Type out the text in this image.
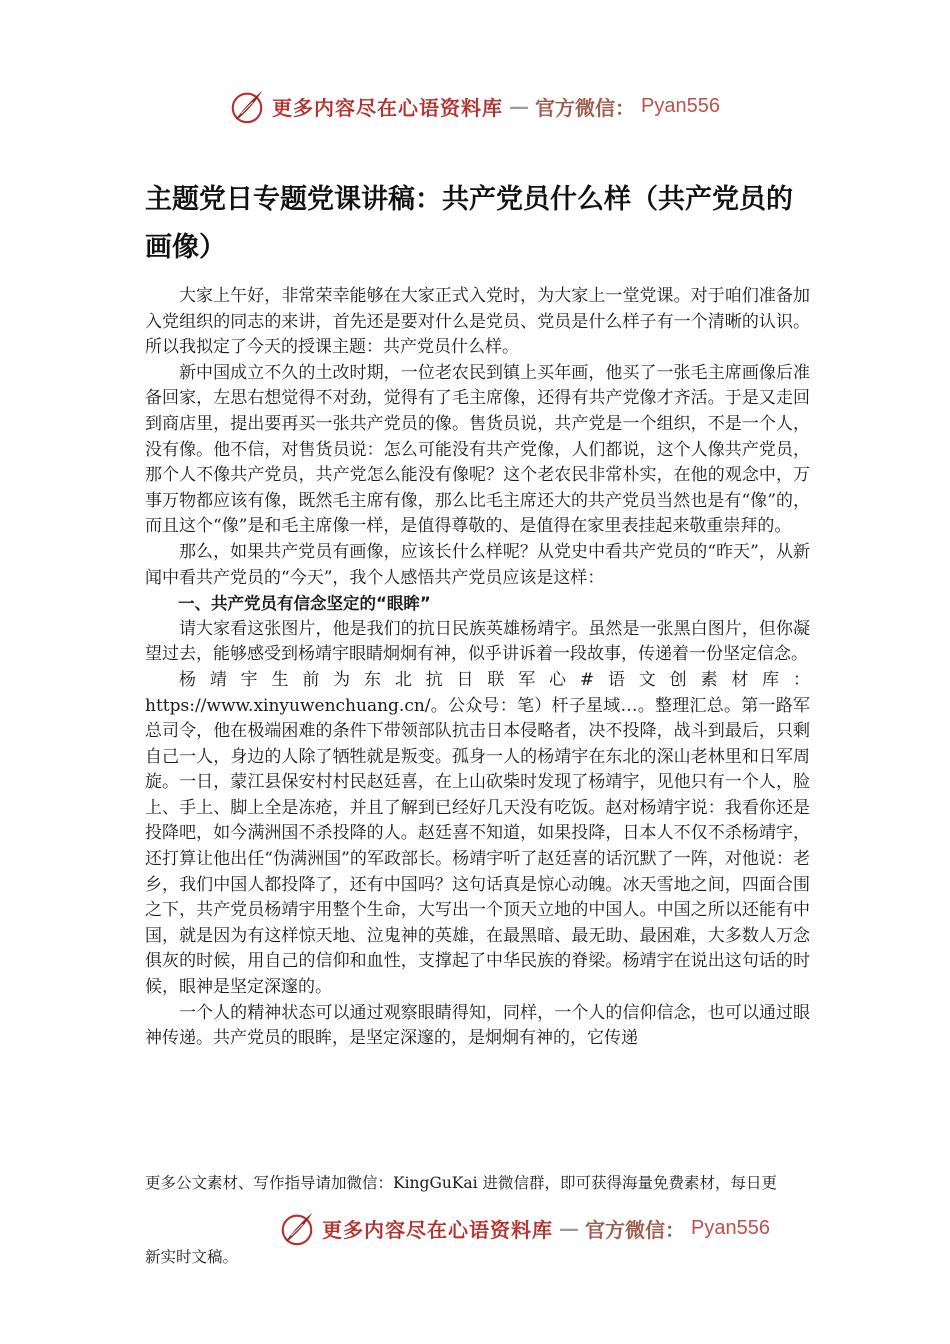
更多内容尽在心语资料库 — 官方微信： Pyan556
主题党日专题党课讲稿：共产党员什么样（共产党员的画像）

大家上午好，非常荣幸能够在大家正式入党时，为大家上一堂党课。对于咱们准备加入党组织的同志的来讲，首先还是要对什么是党员、党员是什么样子有一个清晰的认识。所以我拟定了今天的授课主题：共产党员什么样。

新中国成立不久的土改时期，一位老农民到镇上买年画，他买了一张毛主席画像后准备回家，左思右想觉得不对劲，觉得有了毛主席像，还得有共产党像才齐活。于是又走回到商店里，提出要再买一张共产党员的像。售货员说，共产党是一个组织，不是一个人，没有像。他不信，对售货员说：怎么可能没有共产党像，人们都说，这个人像共产党员，那个人不像共产党员，共产党怎么能没有像呢？这个老农民非常朴实，在他的观念中，万事万物都应该有像，既然毛主席有像，那么比毛主席还大的共产党员当然也是有“像”的，而且这个“像”是和毛主席像一样，是值得尊敬的、是值得在家里表挂起来敬重崇拜的。

那么，如果共产党员有画像，应该长什么样呢？从党史中看共产党员的“昨天”，从新闻中看共产党员的“今天”，我个人感悟共产党员应该是这样：

一、共产党员有信念坚定的“眼眸”

请大家看这张图片，他是我们的抗日民族英雄杨靖宇。虽然是一张黑白图片，但你凝望过去，能够感受到杨靖宇眼睛炯炯有神，似乎讲诉着一段故事，传递着一份坚定信念。

杨靖宇生前为东北抗日联军心#语文创素材库：https://www.xinyuwenchuang.cn/。公众号：笔）杆子星域…。整理汇总。第一路军总司令，他在极端困难的条件下带领部队抗击日本侵略者，决不投降，战斗到最后，只剩自己一人，身边的人除了牺牲就是叛变。孤身一人的杨靖宇在东北的深山老林里和日军周旋。一日，蒙江县保安村村民赵廷喜，在上山砍柴时发现了杨靖宇，见他只有一个人，脸上、手上、脚上全是冻疮，并且了解到已经好几天没有吃饭。赵对杨靖宇说：我看你还是投降吧，如今满洲国不杀投降的人。赵廷喜不知道，如果投降，日本人不仅不杀杨靖宇，还打算让他出任“伪满洲国”的军政部长。杨靖宇听了赵廷喜的话沉默了一阵，对他说：老乡，我们中国人都投降了，还有中国吗？这句话真是惊心动魄。冰天雪地之间，四面合围之下，共产党员杨靖宇用整个生命，大写出一个顶天立地的中国人。中国之所以还能有中国，就是因为有这样惊天地、泣鬼神的英雄，在最黑暗、最无助、最困难，大多数人万念俱灰的时候，用自己的信仰和血性，支撑起了中华民族的脊梁。杨靖宇在说出这句话的时候，眼神是坚定深邃的。

一个人的精神状态可以通过观察眼睛得知，同样，一个人的信仰信念，也可以通过眼神传递。共产党员的眼眸，是坚定深邃的，是炯炯有神的，它传递

更多公文素材、写作指导请加微信：KingGuKai 进微信群，即可获得海量免费素材，每日更
更多内容尽在心语资料库 — 官方微信： Pyan556
新实时文稿。
